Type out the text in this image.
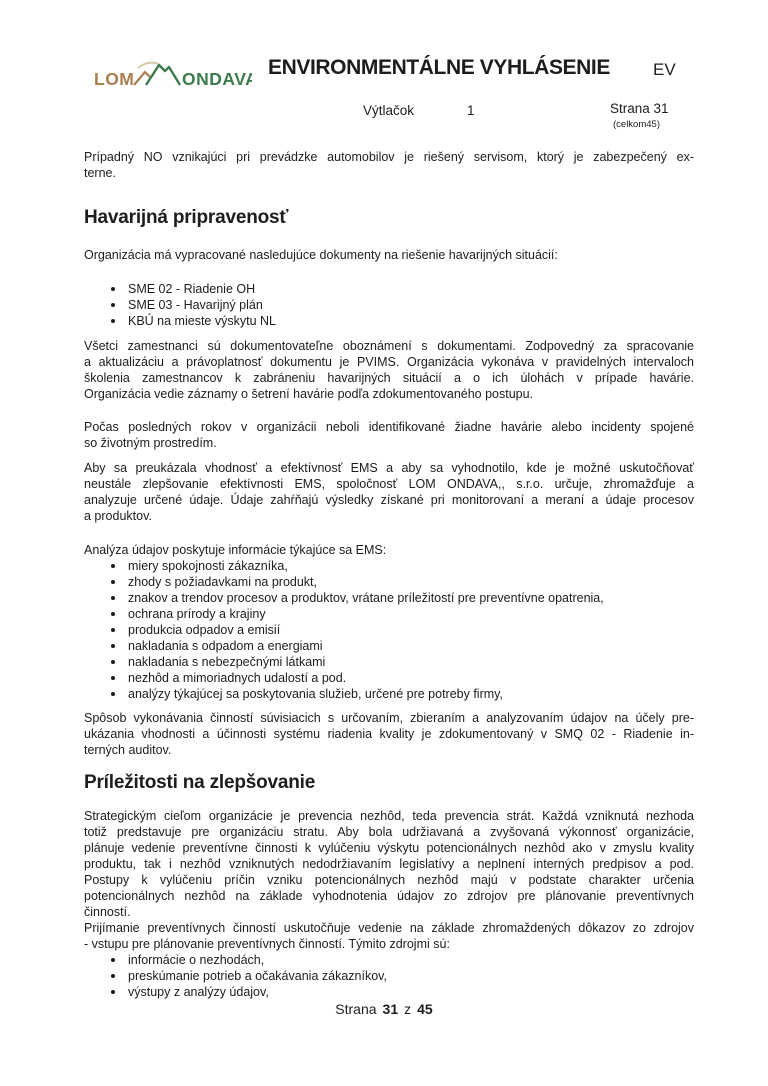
LOM	ONDAVA ENVIRONMENTÁLNE VYHLÁSENIE	EV
Výtlačok	1	Strana 31
(celkom45)
Prípadný NO vznikajúci pri prevádzke automobilov je riešený servisom, ktorý je zabezpečený ex-
terne.
Havarijná pripravenosť
Organizácia má vypracované nasledujúce dokumenty na riešenie havarijných situácií:
SME 02 - Riadenie OH
SME 03 - Havarijný plán
KBÚ na mieste výskytu NL
Všetci zamestnanci sú dokumentovateľne oboznámení s dokumentami. Zodpovedný za spracovanie
a aktualizáciu a právoplatnosť dokumentu je PVIMS. Organizácia vykonáva v pravidelných intervaloch
školenia zamestnancov k zabráneniu havarijných situácií a o ich úlohách v prípade havárie.
Organizácia vedie záznamy o šetrení havárie podľa zdokumentovaného postupu.
Počas posledných rokov v organizácii neboli identifikované žiadne havárie alebo incidenty spojené
so životným prostredím.
Aby sa preukázala vhodnosť a efektívnosť EMS a aby sa vyhodnotilo, kde je možné uskutočňovať
neustále zlepšovanie efektívnosti EMS, spoločnosť LOM ONDAVA,, s.r.o. určuje, zhromažďuje a
analyzuje určené údaje. Údaje zahŕňajú výsledky získané pri monitorovaní a meraní a údaje procesov
a produktov.
Analýza údajov poskytuje informácie týkajúce sa EMS:
miery spokojnosti zákazníka,
zhody s požiadavkami na produkt,
znakov a trendov procesov a produktov, vrátane príležitostí pre preventívne opatrenia,
ochrana prírody a krajiny
produkcia odpadov a emisií
nakladania s odpadom a energiami
nakladania s nebezpečnými látkami
nezhôd a mimoriadnych udalostí a pod.
analýzy týkajúcej sa poskytovania služieb, určené pre potreby firmy,
Spôsob vykonávania činností súvisiacich s určovaním, zbieraním a analyzovaním údajov na účely pre-
ukázania vhodnosti a účinnosti systému riadenia kvality je zdokumentovaný v SMQ 02 - Riadenie in-
terných auditov.
Príležitosti na zlepšovanie
Strategickým cieľom organizácie je prevencia nezhôd, teda prevencia strát. Každá vzniknutá nezhoda
totiž predstavuje pre organizáciu stratu. Aby bola udržiavaná a zvyšovaná výkonnosť organizácie,
plánuje vedenie preventívne činnosti k vylúčeniu výskytu potencionálnych nezhôd ako v zmyslu kvality
produktu, tak i nezhôd vzniknutých nedodržiavaním legislatívy a neplnení interných predpisov a pod.
Postupy k vylúčeniu príčin vzniku potencionálnych nezhôd majú v podstate charakter určenia
potencionálnych nezhôd na základe vyhodnotenia údajov zo zdrojov pre plánovanie preventívnych
činností.
Prijímanie preventívnych činností uskutočňuje vedenie na základe zhromaždených dôkazov zo zdrojov
- vstupu pre plánovanie preventívnych činností. Týmito zdrojmi sú:
informácie o nezhodách,
preskúmanie potrieb a očakávania zákazníkov,
výstupy z analýzy údajov,
Strana 31 z 45
